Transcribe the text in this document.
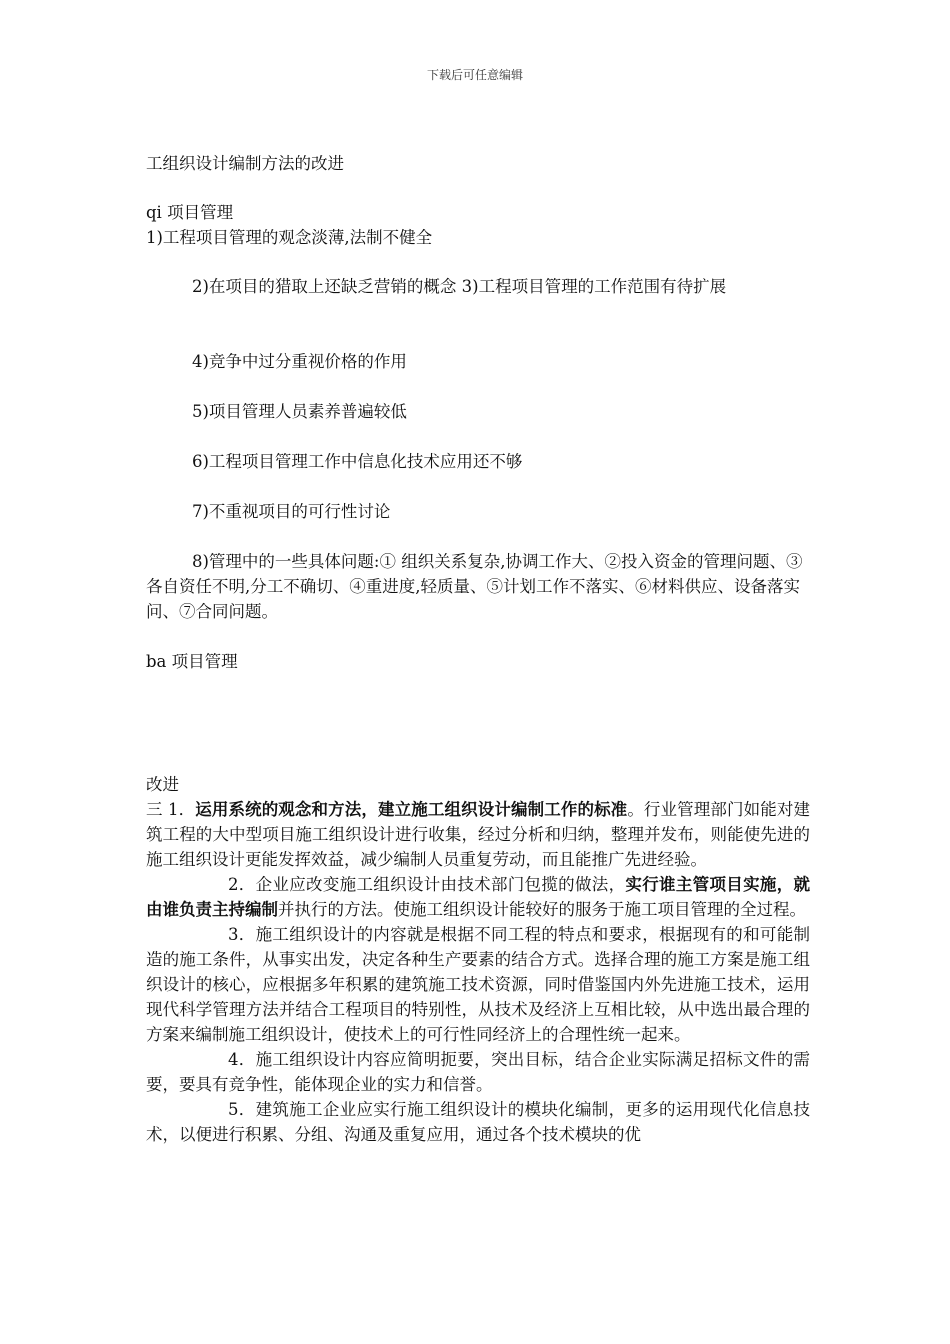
下载后可任意编辑
工组织设计编制方法的改进
qi 项目管理
1)工程项目管理的观念淡薄,法制不健全
2)在项目的猎取上还缺乏营销的概念 3)工程项目管理的工作范围有待扩展
4)竞争中过分重视价格的作用
5)项目管理人员素养普遍较低
6)工程项目管理工作中信息化技术应用还不够
7)不重视项目的可行性讨论
8)管理中的一些具体问题:① 组织关系复杂,协调工作大、②投入资金的管理问题、③各自资任不明,分工不确切、④重进度,轻质量、⑤计划工作不落实、⑥材料供应、设备落实问、⑦合同问题。
ba 项目管理
改进

三 1．运用系统的观念和方法，建立施工组织设计编制工作的标准。行业管理部门如能对建筑工程的大中型项目施工组织设计进行收集，经过分析和归纳，整理并发布，则能使先进的施工组织设计更能发挥效益，减少编制人员重复劳动，而且能推广先进经验。

2．企业应改变施工组织设计由技术部门包揽的做法，实行谁主管项目实施，就由谁负责主持编制并执行的方法。使施工组织设计能较好的服务于施工项目管理的全过程。

3．施工组织设计的内容就是根据不同工程的特点和要求，根据现有的和可能制造的施工条件，从事实出发，决定各种生产要素的结合方式。选择合理的施工方案是施工组织设计的核心，应根据多年积累的建筑施工技术资源，同时借鉴国内外先进施工技术，运用现代科学管理方法并结合工程项目的特别性，从技术及经济上互相比较，从中选出最合理的方案来编制施工组织设计，使技术上的可行性同经济上的合理性统一起来。

4．施工组织设计内容应简明扼要，突出目标，结合企业实际满足招标文件的需要，要具有竞争性，能体现企业的实力和信誉。

5．建筑施工企业应实行施工组织设计的模块化编制，更多的运用现代化信息技术，以便进行积累、分组、沟通及重复应用，通过各个技术模块的优
